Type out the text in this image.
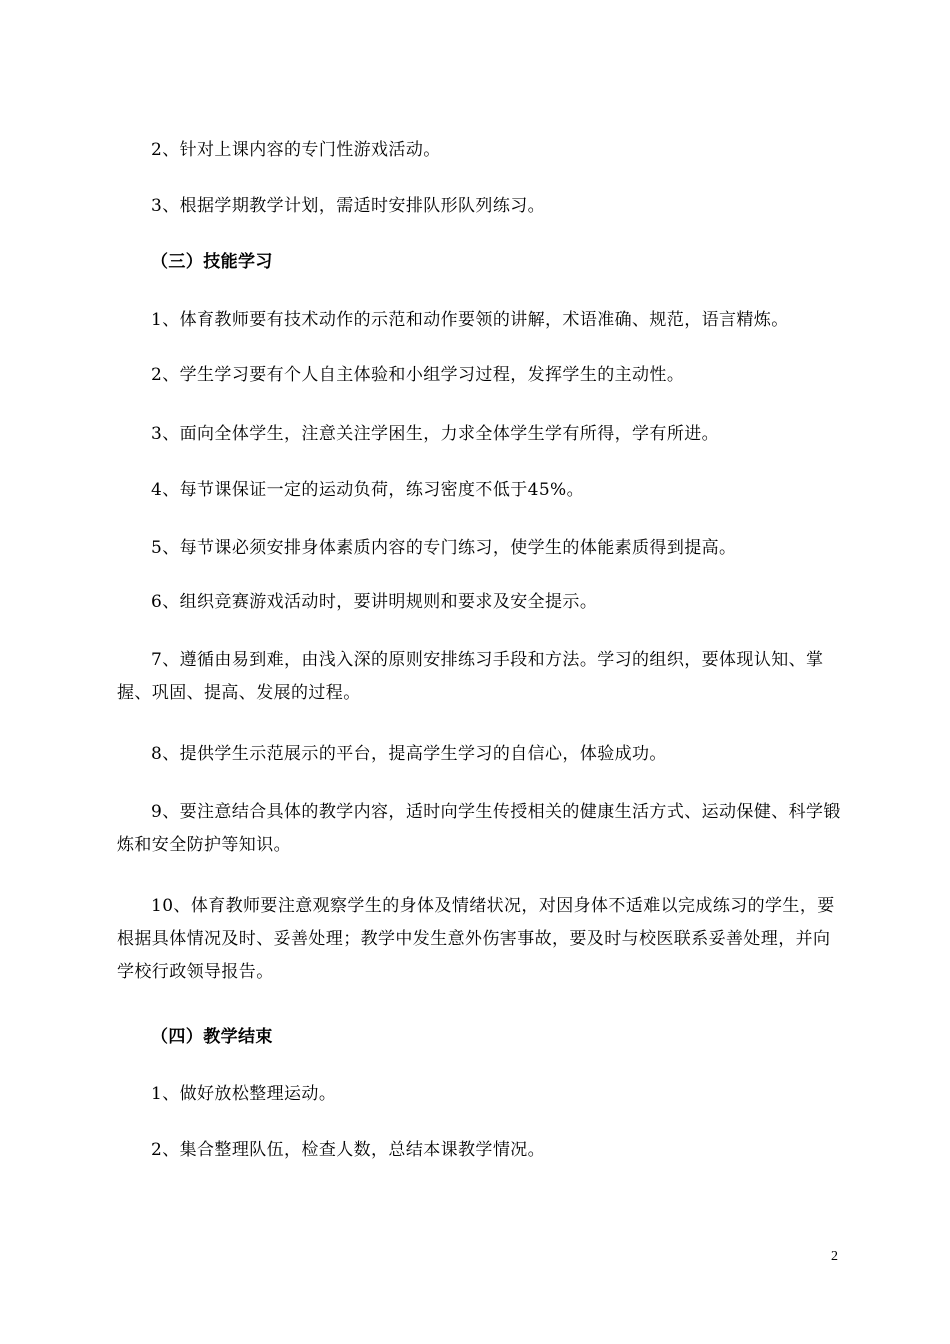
2、针对上课内容的专门性游戏活动。
3、根据学期教学计划，需适时安排队形队列练习。
（三）技能学习
1、体育教师要有技术动作的示范和动作要领的讲解，术语准确、规范，语言精炼。
2、学生学习要有个人自主体验和小组学习过程，发挥学生的主动性。
3、面向全体学生，注意关注学困生，力求全体学生学有所得，学有所进。
4、每节课保证一定的运动负荷，练习密度不低于45%。
5、每节课必须安排身体素质内容的专门练习，使学生的体能素质得到提高。
6、组织竞赛游戏活动时，要讲明规则和要求及安全提示。
7、遵循由易到难，由浅入深的原则安排练习手段和方法。学习的组织，要体现认知、掌握、巩固、提高、发展的过程。
8、提供学生示范展示的平台，提高学生学习的自信心，体验成功。
9、要注意结合具体的教学内容，适时向学生传授相关的健康生活方式、运动保健、科学锻炼和安全防护等知识。
10、体育教师要注意观察学生的身体及情绪状况，对因身体不适难以完成练习的学生，要根据具体情况及时、妥善处理；教学中发生意外伤害事故，要及时与校医联系妥善处理，并向学校行政领导报告。
（四）教学结束
1、做好放松整理运动。
2、集合整理队伍，检查人数，总结本课教学情况。
2
